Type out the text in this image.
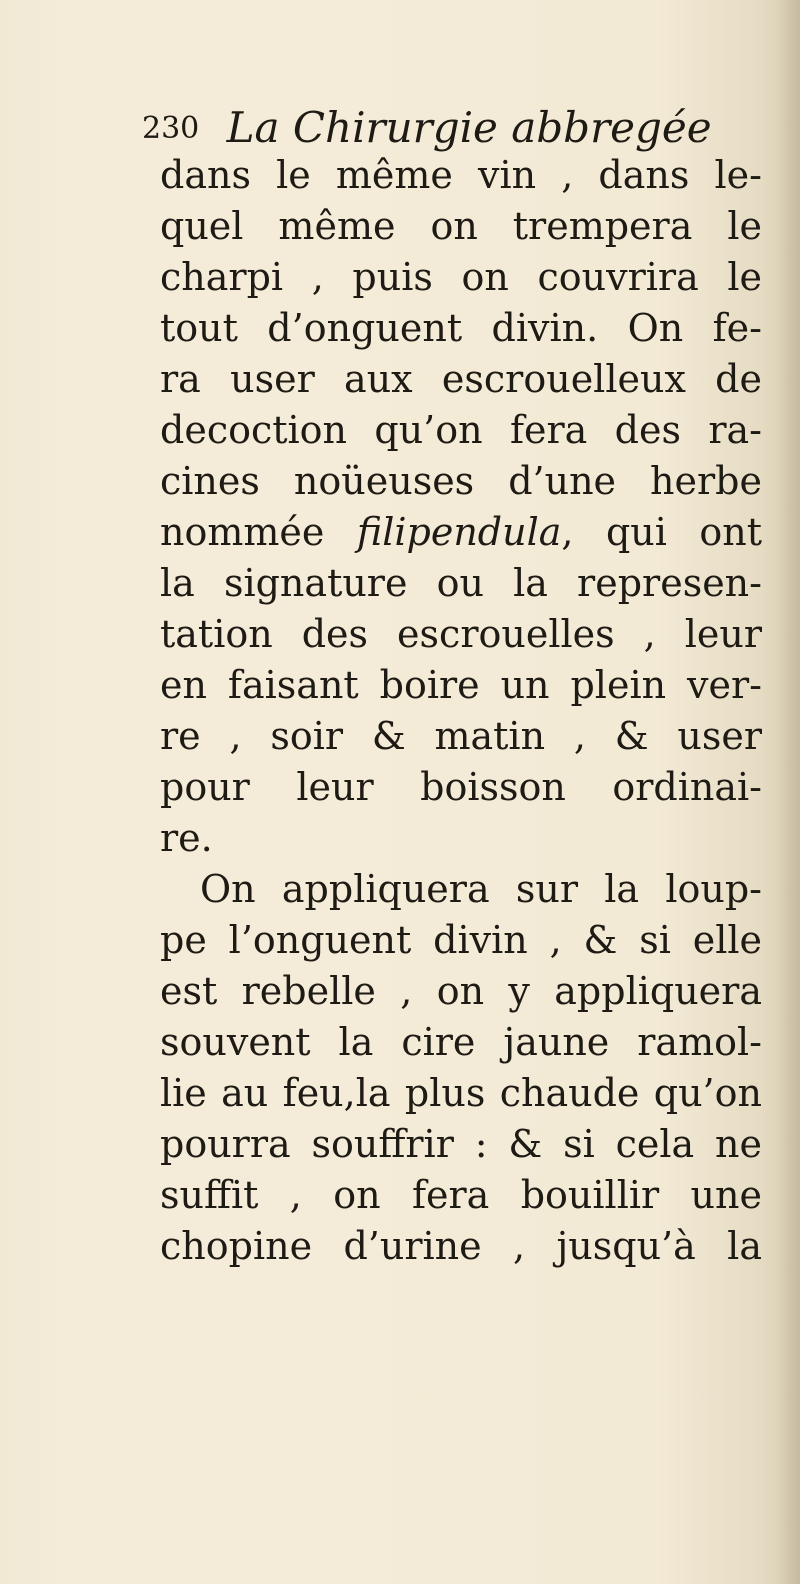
230 La Chirurgie abbregée
dans le même vin , dans le-
quel même on trempera le
charpi , puis on couvrira le
tout d’onguent divin. On fe-
ra user aux escrouelleux de
decoction qu’on fera des ra-
cines noüeuses d’une herbe
nommée filipendula, qui ont
la signature ou la represen-
tation des escrouelles , leur
en faisant boire un plein ver-
re , soir & matin , & user
pour leur boisson ordinai-
re.
On appliquera sur la loup-
pe l’onguent divin , & si elle
est rebelle , on y appliquera
souvent la cire jaune ramol-
lie au feu,la plus chaude qu’on
pourra souffrir : & si cela ne
suffit , on fera bouillir une
chopine d’urine , jusqu’à la
